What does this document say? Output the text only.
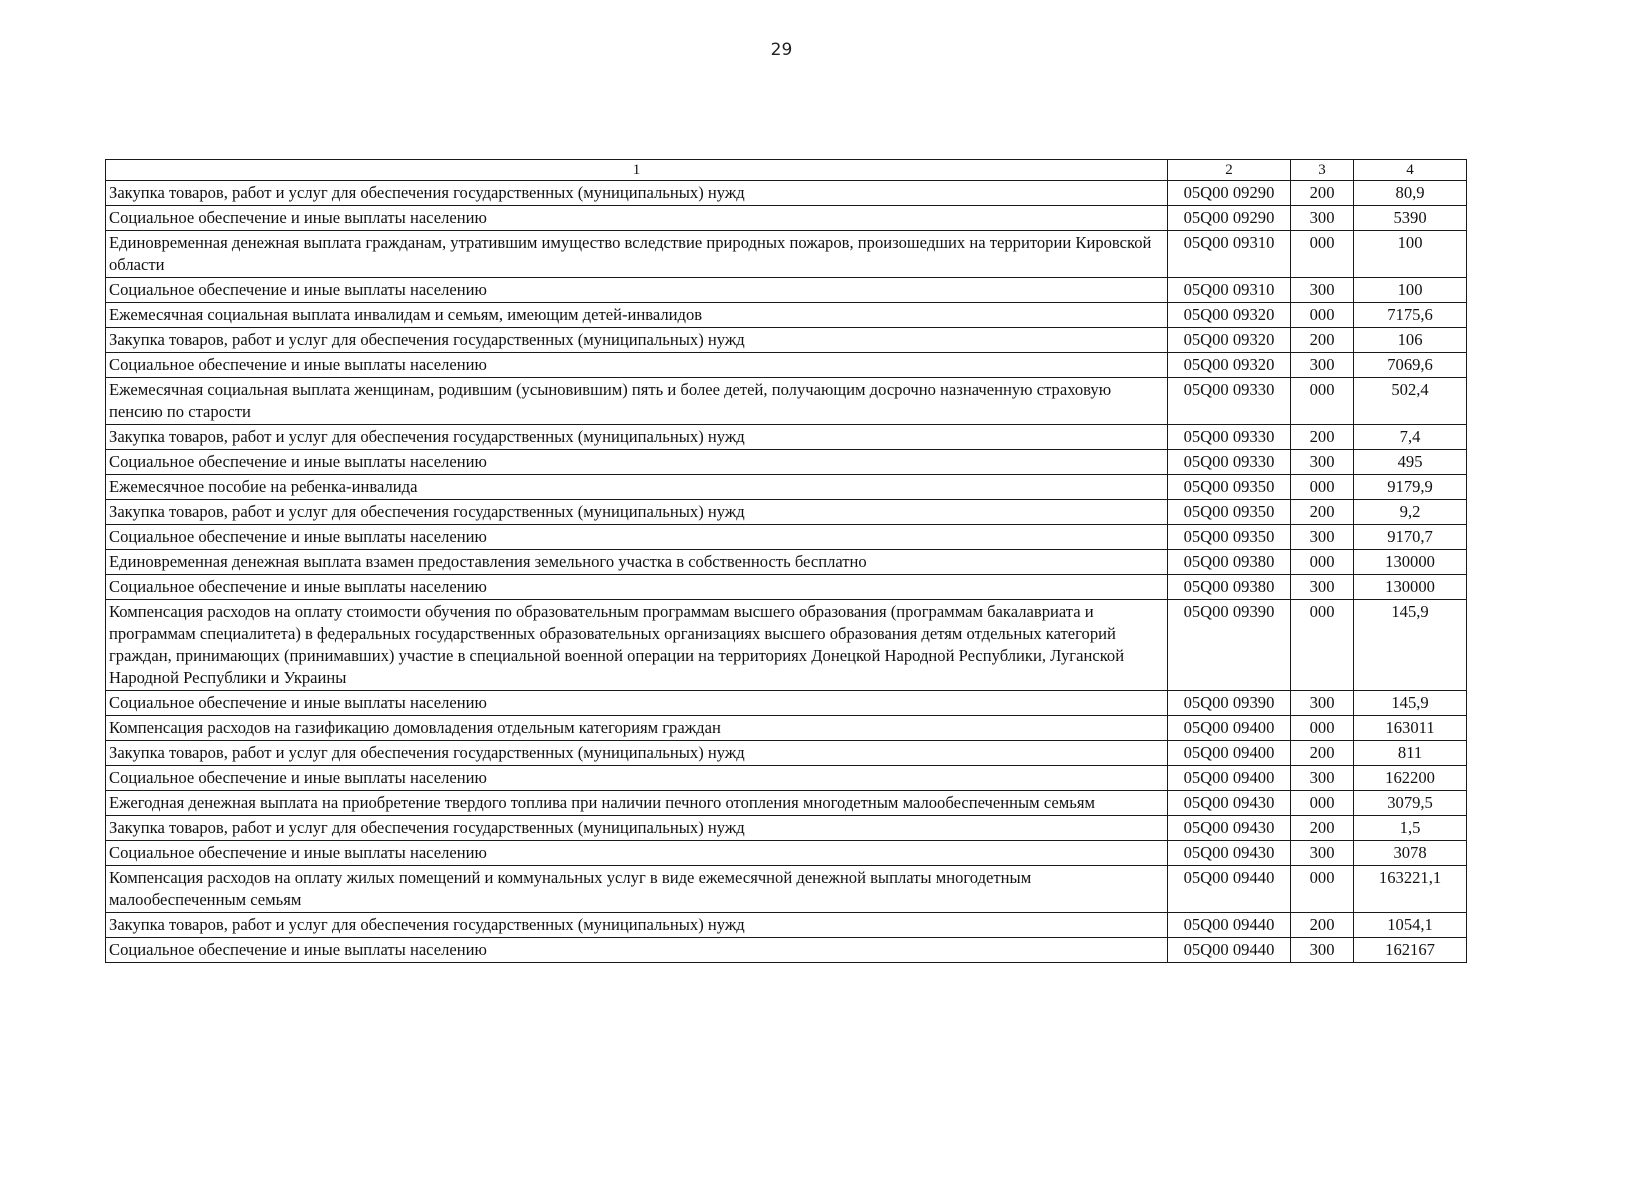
29
1	2	3	4
Закупка товаров, работ и услуг для обеспечения государственных (муниципальных) нужд	05Q00 09290	200	80,9
Социальное обеспечение и иные выплаты населению	05Q00 09290	300	5390
Единовременная денежная выплата гражданам, утратившим имущество вследствие природных пожаров, произошедших на территории Кировской области	05Q00 09310	000	100
Социальное обеспечение и иные выплаты населению	05Q00 09310	300	100
Ежемесячная социальная выплата инвалидам и семьям, имеющим детей-инвалидов	05Q00 09320	000	7175,6
Закупка товаров, работ и услуг для обеспечения государственных (муниципальных) нужд	05Q00 09320	200	106
Социальное обеспечение и иные выплаты населению	05Q00 09320	300	7069,6
Ежемесячная социальная выплата женщинам, родившим (усыновившим) пять и более детей, получающим досрочно назначенную страховую пенсию по старости	05Q00 09330	000	502,4
Закупка товаров, работ и услуг для обеспечения государственных (муниципальных) нужд	05Q00 09330	200	7,4
Социальное обеспечение и иные выплаты населению	05Q00 09330	300	495
Ежемесячное пособие на ребенка-инвалида	05Q00 09350	000	9179,9
Закупка товаров, работ и услуг для обеспечения государственных (муниципальных) нужд	05Q00 09350	200	9,2
Социальное обеспечение и иные выплаты населению	05Q00 09350	300	9170,7
Единовременная денежная выплата взамен предоставления земельного участка в собственность бесплатно	05Q00 09380	000	130000
Социальное обеспечение и иные выплаты населению	05Q00 09380	300	130000
Компенсация расходов на оплату стоимости обучения по образовательным программам высшего образования (программам бакалавриата и программам специалитета) в федеральных государственных образовательных организациях высшего образования детям отдельных категорий граждан, принимающих (принимавших) участие в специальной военной операции на территориях Донецкой Народной Республики, Луганской Народной Республики и Украины	05Q00 09390	000	145,9
Социальное обеспечение и иные выплаты населению	05Q00 09390	300	145,9
Компенсация расходов на газификацию домовладения отдельным категориям граждан	05Q00 09400	000	163011
Закупка товаров, работ и услуг для обеспечения государственных (муниципальных) нужд	05Q00 09400	200	811
Социальное обеспечение и иные выплаты населению	05Q00 09400	300	162200
Ежегодная денежная выплата на приобретение твердого топлива при наличии печного отопления многодетным малообеспеченным семьям	05Q00 09430	000	3079,5
Закупка товаров, работ и услуг для обеспечения государственных (муниципальных) нужд	05Q00 09430	200	1,5
Социальное обеспечение и иные выплаты населению	05Q00 09430	300	3078
Компенсация расходов на оплату жилых помещений и коммунальных услуг в виде ежемесячной денежной выплаты многодетным малообеспеченным семьям	05Q00 09440	000	163221,1
Закупка товаров, работ и услуг для обеспечения государственных (муниципальных) нужд	05Q00 09440	200	1054,1
Социальное обеспечение и иные выплаты населению	05Q00 09440	300	162167
